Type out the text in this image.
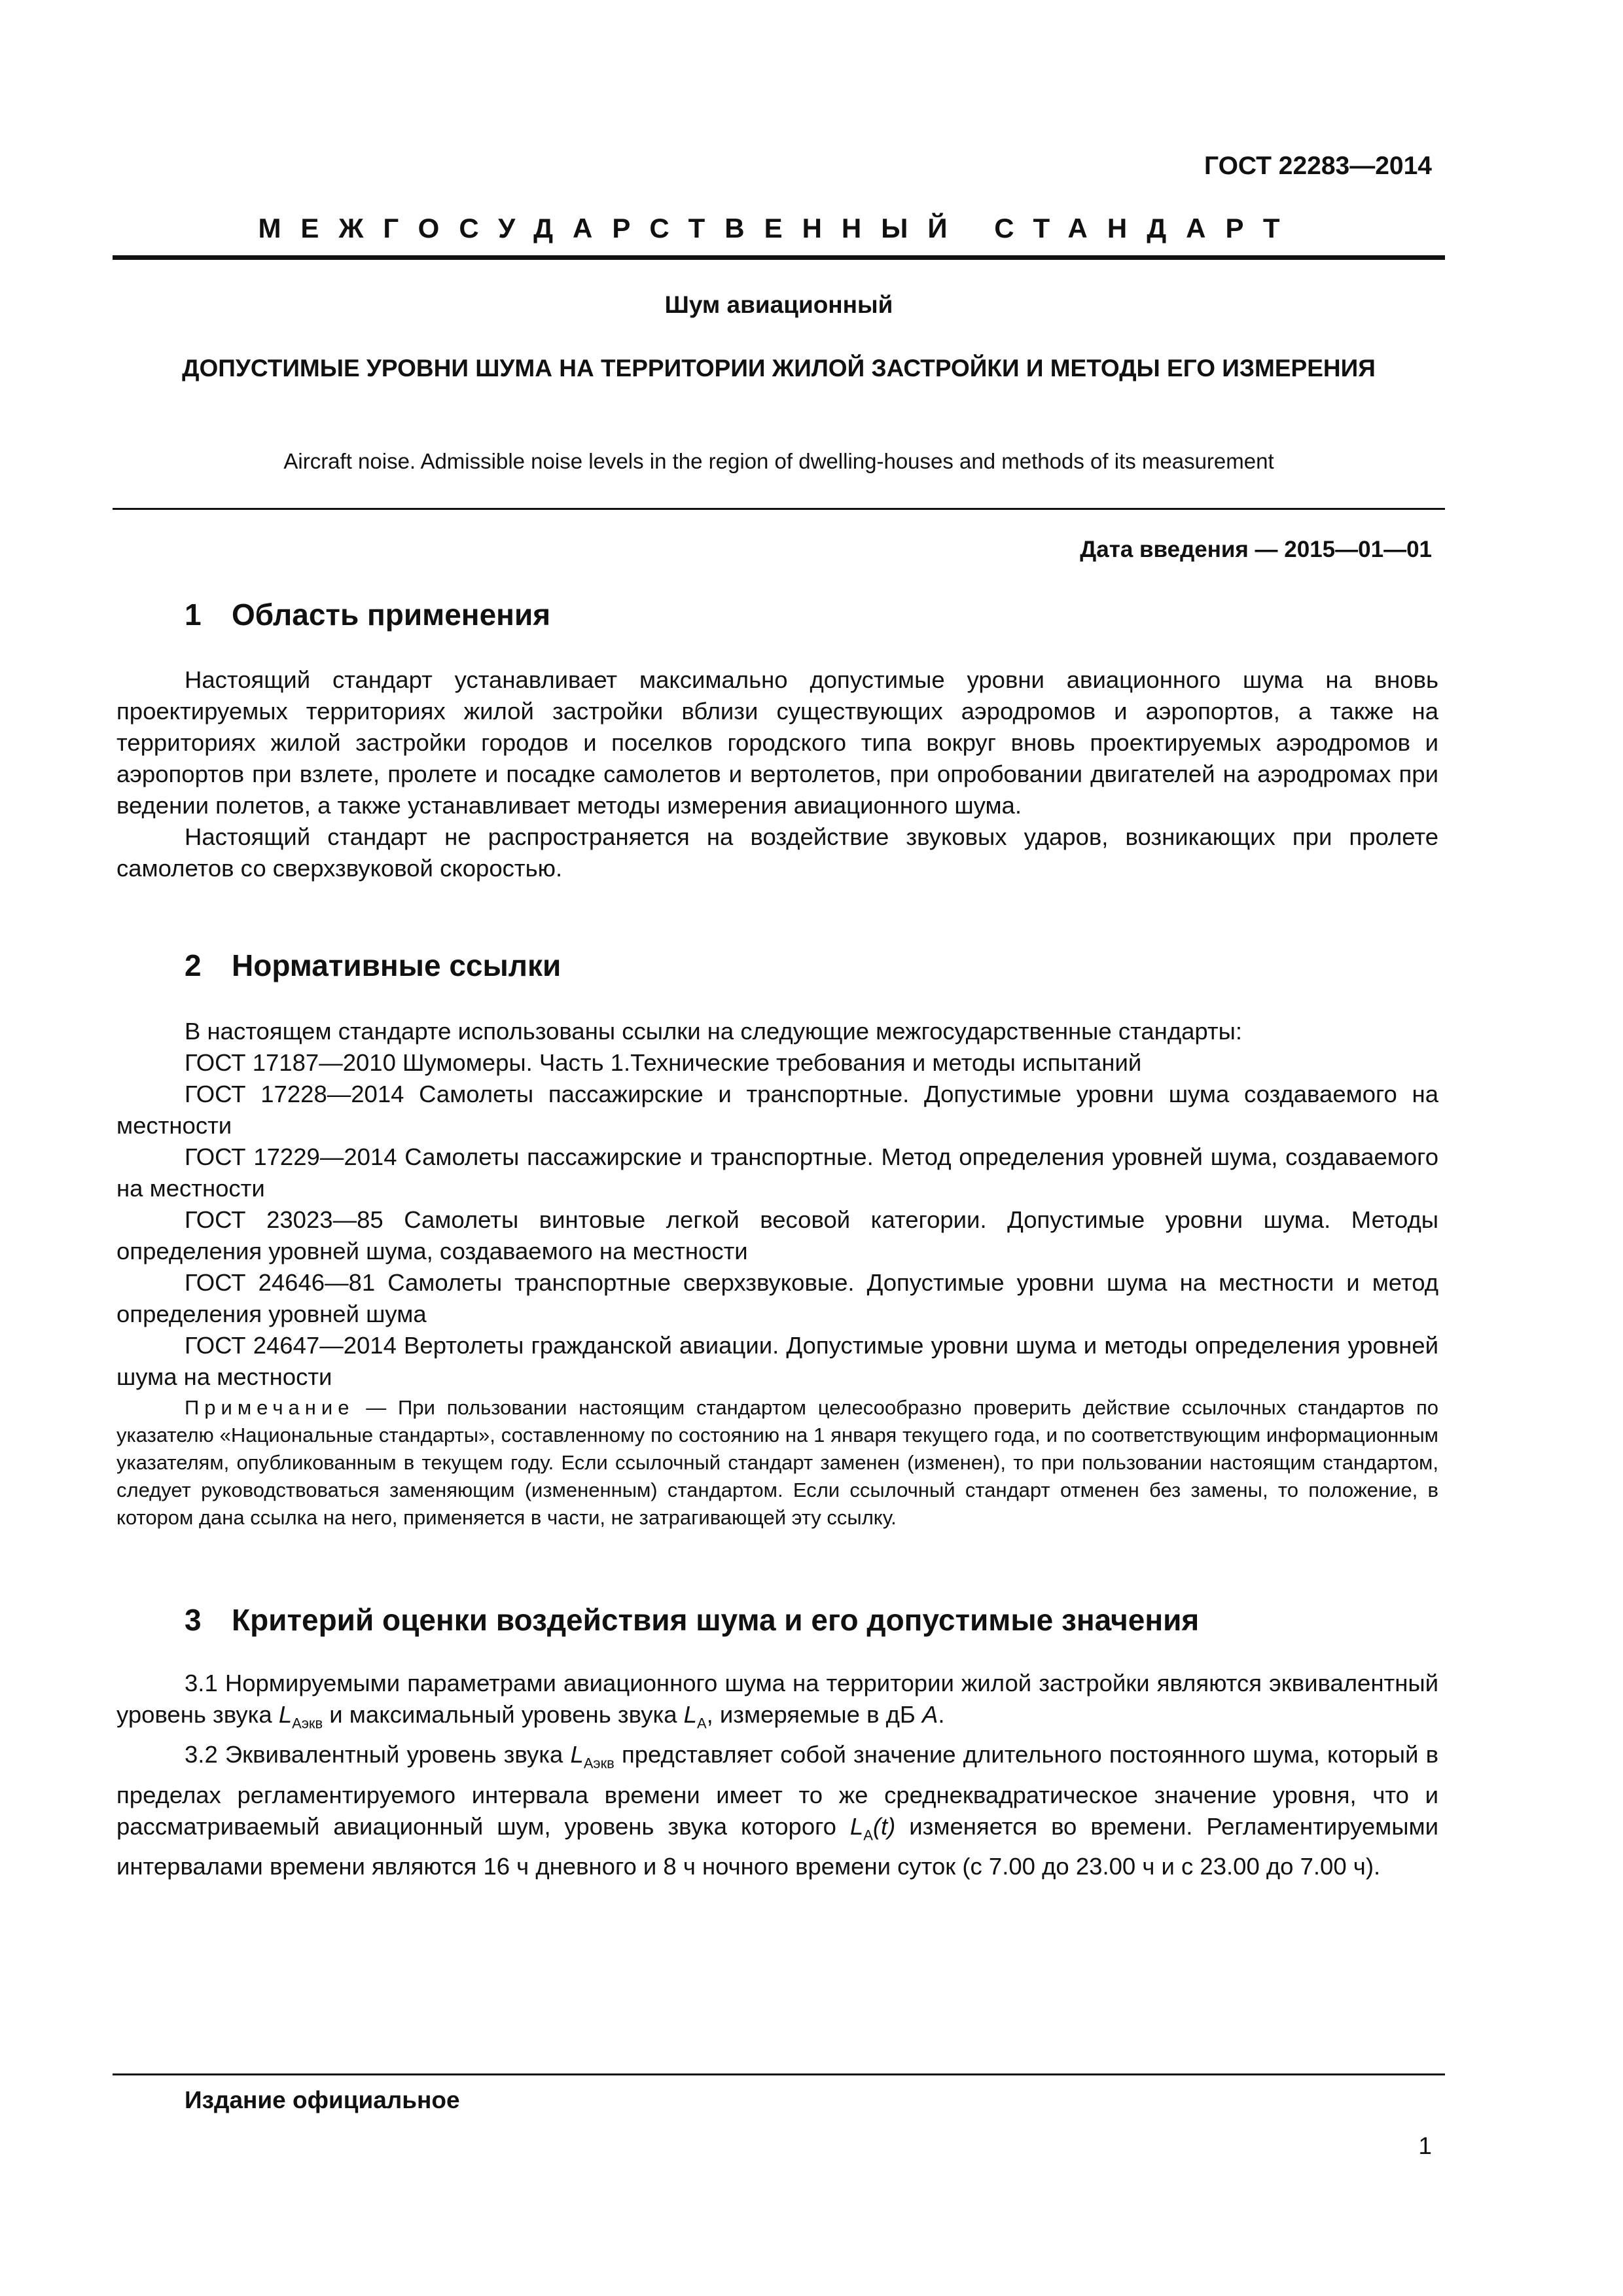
ГОСТ 22283—2014
МЕЖГОСУДАРСТВЕННЫЙ СТАНДАРТ
Шум авиационный
ДОПУСТИМЫЕ УРОВНИ ШУМА НА ТЕРРИТОРИИ ЖИЛОЙ ЗАСТРОЙКИ И МЕТОДЫ ЕГО ИЗМЕРЕНИЯ
Aircraft noise. Admissible noise levels in the region of dwelling-houses and methods of its measurement
Дата введения — 2015—01—01
1 Область применения

Настоящий стандарт устанавливает максимально допустимые уровни авиационного шума на вновь проектируемых территориях жилой застройки вблизи существующих аэродромов и аэропортов, а также на территориях жилой застройки городов и поселков городского типа вокруг вновь проектируемых аэродромов и аэропортов при взлете, пролете и посадке самолетов и вертолетов, при опробовании двигателей на аэродромах при ведении полетов, а также устанавливает методы измерения авиационного шума.

Настоящий стандарт не распространяется на воздействие звуковых ударов, возникающих при пролете самолетов со сверхзвуковой скоростью.

2 Нормативные ссылки

В настоящем стандарте использованы ссылки на следующие межгосударственные стандарты:

ГОСТ 17187—2010 Шумомеры. Часть 1.Технические требования и методы испытаний

ГОСТ 17228—2014 Самолеты пассажирские и транспортные. Допустимые уровни шума создаваемого на местности

ГОСТ 17229—2014 Самолеты пассажирские и транспортные. Метод определения уровней шума, создаваемого на местности

ГОСТ 23023—85 Самолеты винтовые легкой весовой категории. Допустимые уровни шума. Методы определения уровней шума, создаваемого на местности

ГОСТ 24646—81 Самолеты транспортные сверхзвуковые. Допустимые уровни шума на местности и метод определения уровней шума

ГОСТ 24647—2014 Вертолеты гражданской авиации. Допустимые уровни шума и методы определения уровней шума на местности

Примечание — При пользовании настоящим стандартом целесообразно проверить действие ссылочных стандартов по указателю «Национальные стандарты», составленному по состоянию на 1 января текущего года, и по соответствующим информационным указателям, опубликованным в текущем году. Если ссылочный стандарт заменен (изменен), то при пользовании настоящим стандартом, следует руководствоваться заменяющим (измененным) стандартом. Если ссылочный стандарт отменен без замены, то положение, в котором дана ссылка на него, применяется в части, не затрагивающей эту ссылку.

3 Критерий оценки воздействия шума и его допустимые значения

3.1 Нормируемыми параметрами авиационного шума на территории жилой застройки являются эквивалентный уровень звука $L_{Aэкв}$ и максимальный уровень звука $L_A$, измеряемые в дБ A.

3.2 Эквивалентный уровень звука $L_{Aэкв}$ представляет собой значение длительного постоянного шума, который в пределах регламентируемого интервала времени имеет то же среднеквадратическое значение уровня, что и рассматриваемый авиационный шум, уровень звука которого $L_A(t)$ изменяется во времени. Регламентируемыми интервалами времени являются 16 ч дневного и 8 ч ночного времени суток (с 7.00 до 23.00 ч и с 23.00 до 7.00 ч).

Издание официальное
1
